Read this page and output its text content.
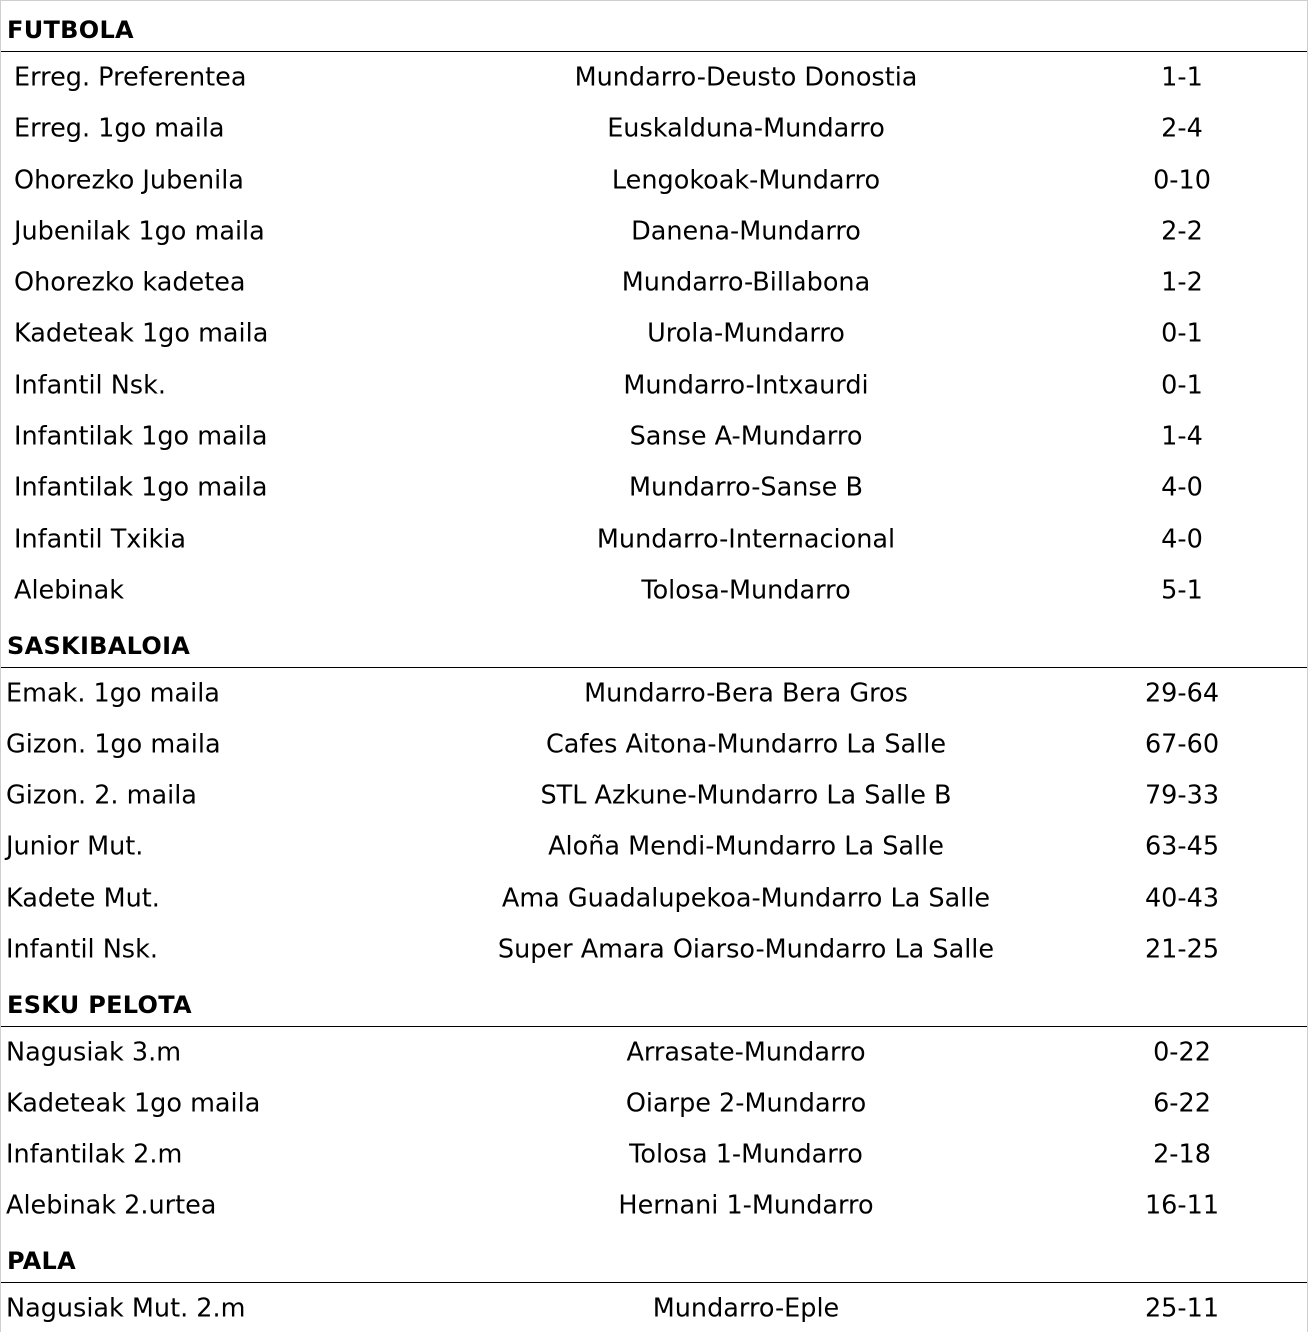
FUTBOLA
Erreg. Preferentea	Mundarro-Deusto Donostia	1-1
Erreg. 1go maila	Euskalduna-Mundarro	2-4
Ohorezko Jubenila	Lengokoak-Mundarro	0-10
Jubenilak 1go maila	Danena-Mundarro	2-2
Ohorezko kadetea	Mundarro-Billabona	1-2
Kadeteak 1go maila	Urola-Mundarro	0-1
Infantil Nsk.	Mundarro-Intxaurdi	0-1
Infantilak 1go maila	Sanse A-Mundarro	1-4
Infantilak 1go maila	Mundarro-Sanse B	4-0
Infantil Txikia	Mundarro-Internacional	4-0
Alebinak	Tolosa-Mundarro	5-1
SASKIBALOIA
Emak. 1go maila	Mundarro-Bera Bera Gros	29-64
Gizon. 1go maila	Cafes Aitona-Mundarro La Salle	67-60
Gizon. 2. maila	STL Azkune-Mundarro La Salle B	79-33
Junior Mut.	Aloña Mendi-Mundarro La Salle	63-45
Kadete Mut.	Ama Guadalupekoa-Mundarro La Salle	40-43
Infantil Nsk.	Super Amara Oiarso-Mundarro La Salle	21-25
ESKU PELOTA
Nagusiak 3.m	Arrasate-Mundarro	0-22
Kadeteak 1go maila	Oiarpe 2-Mundarro	6-22
Infantilak 2.m	Tolosa 1-Mundarro	2-18
Alebinak 2.urtea	Hernani 1-Mundarro	16-11
PALA
Nagusiak Mut. 2.m	Mundarro-Eple	25-11
